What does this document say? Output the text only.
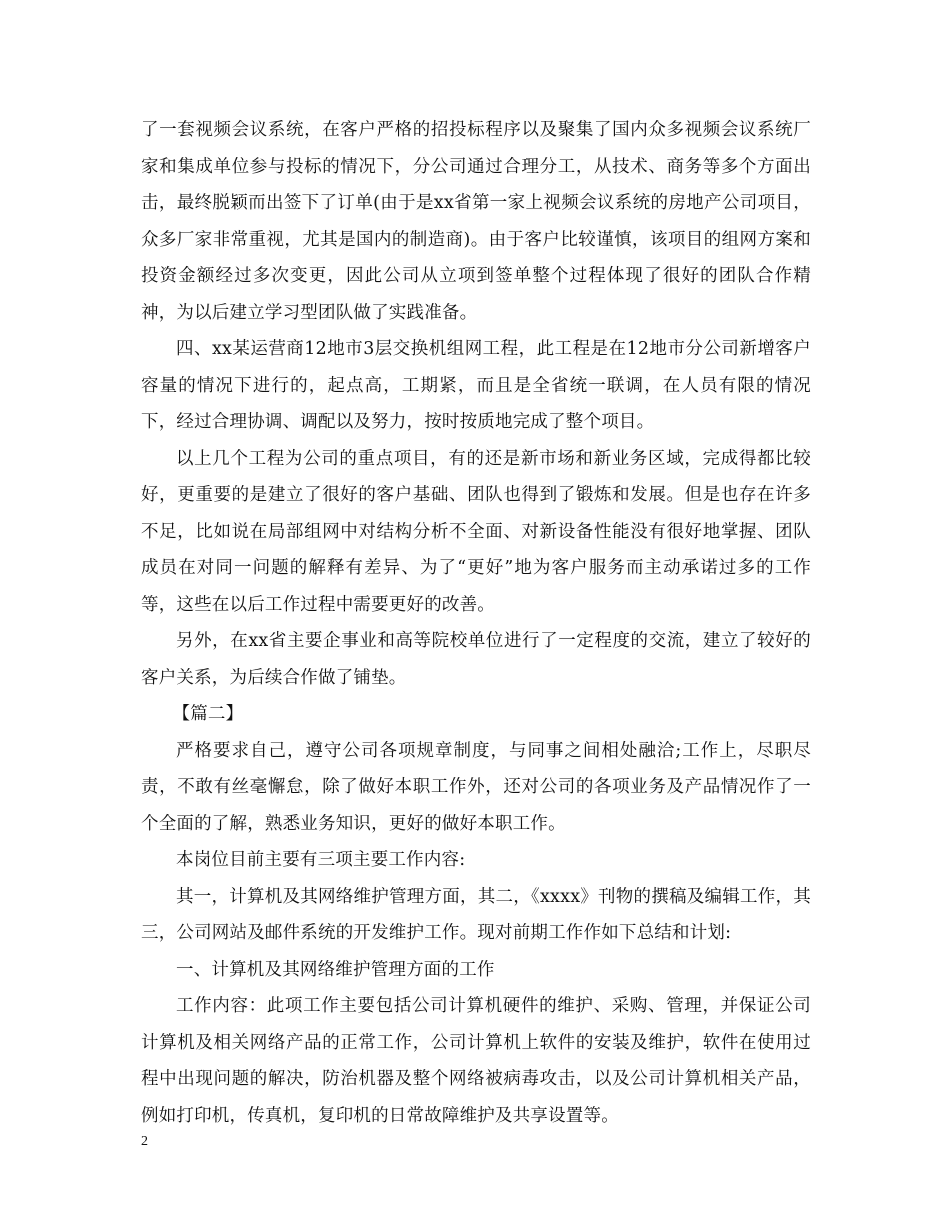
了一套视频会议系统，在客户严格的招投标程序以及聚集了国内众多视频会议系统厂家和集成单位参与投标的情况下，分公司通过合理分工，从技术、商务等多个方面出击，最终脱颖而出签下了订单(由于是xx省第一家上视频会议系统的房地产公司项目，众多厂家非常重视，尤其是国内的制造商)。由于客户比较谨慎，该项目的组网方案和投资金额经过多次变更，因此公司从立项到签单整个过程体现了很好的团队合作精神，为以后建立学习型团队做了实践准备。

四、xx某运营商12地市3层交换机组网工程，此工程是在12地市分公司新增客户容量的情况下进行的，起点高，工期紧，而且是全省统一联调，在人员有限的情况下，经过合理协调、调配以及努力，按时按质地完成了整个项目。

以上几个工程为公司的重点项目，有的还是新市场和新业务区域，完成得都比较好，更重要的是建立了很好的客户基础、团队也得到了锻炼和发展。但是也存在许多不足，比如说在局部组网中对结构分析不全面、对新设备性能没有很好地掌握、团队成员在对同一问题的解释有差异、为了“更好”地为客户服务而主动承诺过多的工作等，这些在以后工作过程中需要更好的改善。

另外，在xx省主要企事业和高等院校单位进行了一定程度的交流，建立了较好的客户关系，为后续合作做了铺垫。

【篇二】

严格要求自己，遵守公司各项规章制度，与同事之间相处融洽;工作上，尽职尽责，不敢有丝毫懈怠，除了做好本职工作外，还对公司的各项业务及产品情况作了一个全面的了解，熟悉业务知识，更好的做好本职工作。

本岗位目前主要有三项主要工作内容:

其一，计算机及其网络维护管理方面，其二，《xxxx》刊物的撰稿及编辑工作，其三，公司网站及邮件系统的开发维护工作。现对前期工作作如下总结和计划:

一、计算机及其网络维护管理方面的工作

工作内容：此项工作主要包括公司计算机硬件的维护、采购、管理，并保证公司计算机及相关网络产品的正常工作，公司计算机上软件的安装及维护，软件在使用过程中出现问题的解决，防治机器及整个网络被病毒攻击，以及公司计算机相关产品，例如打印机，传真机，复印机的日常故障维护及共享设置等。

2
